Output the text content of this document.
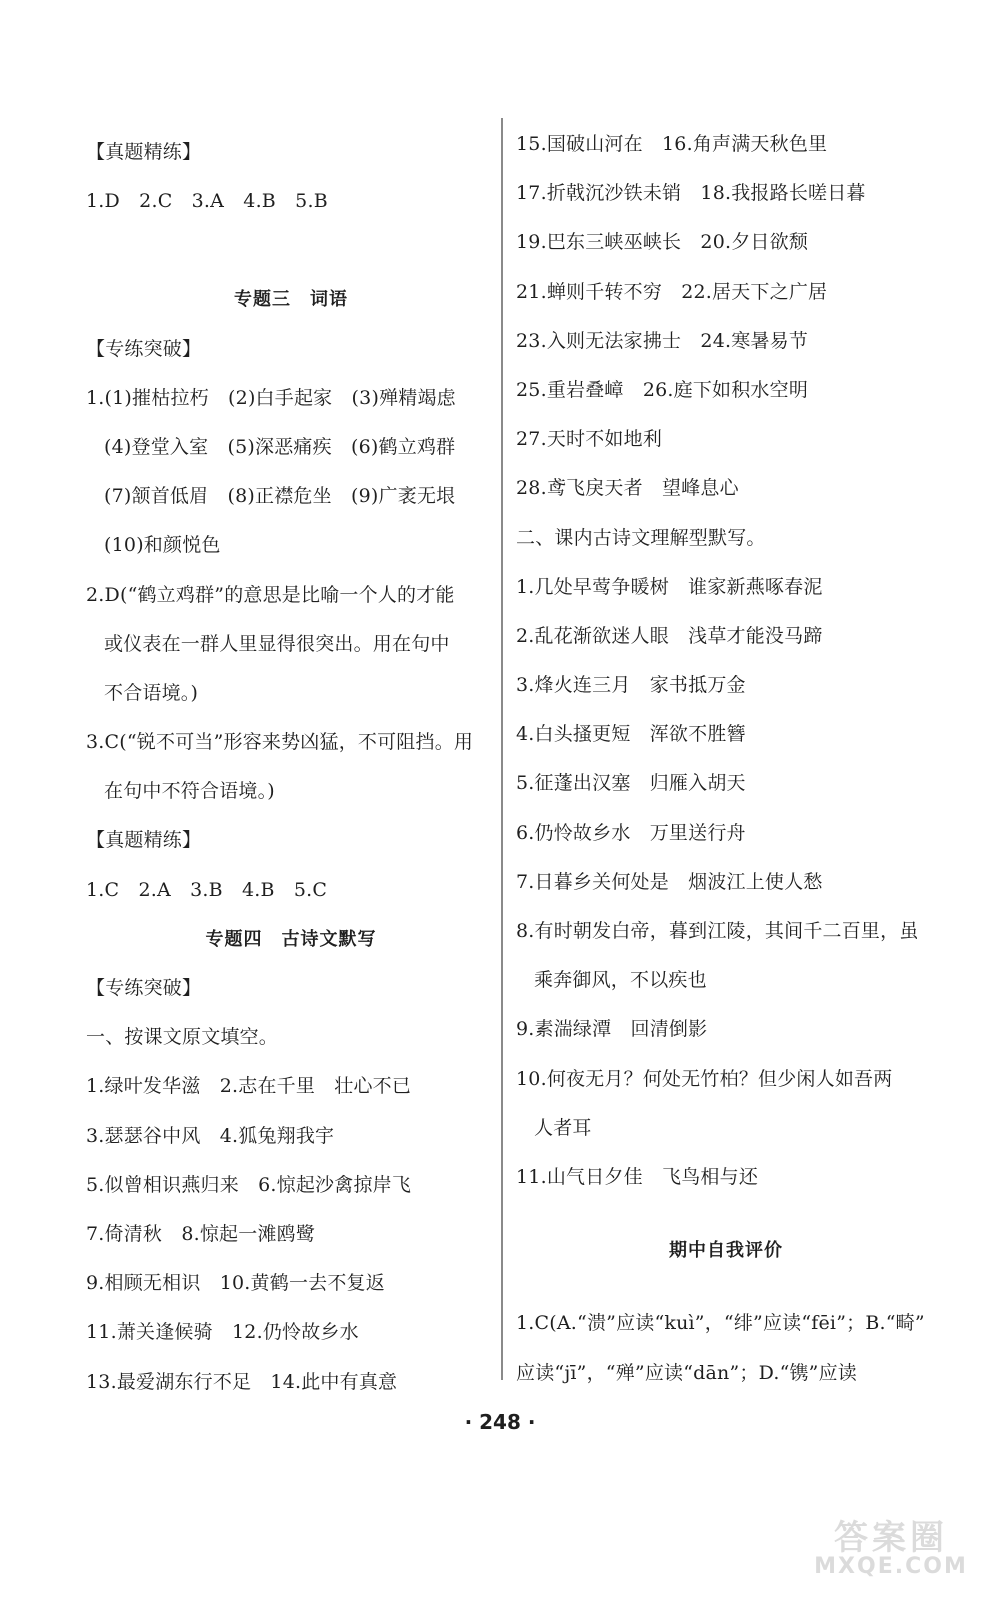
【真题精练】
1.D　2.C　3.A　4.B　5.B
专题三　词语
【专练突破】
1.(1)摧枯拉朽　(2)白手起家　(3)殚精竭虑
(4)登堂入室　(5)深恶痛疾　(6)鹤立鸡群
(7)颔首低眉　(8)正襟危坐　(9)广袤无垠
(10)和颜悦色
2.D(“鹤立鸡群”的意思是比喻一个人的才能
或仪表在一群人里显得很突出。用在句中
不合语境。)
3.C(“锐不可当”形容来势凶猛，不可阻挡。用
在句中不符合语境。)
【真题精练】
1.C　2.A　3.B　4.B　5.C
专题四　古诗文默写
【专练突破】
一、按课文原文填空。
1.绿叶发华滋　2.志在千里　壮心不已
3.瑟瑟谷中风　4.狐兔翔我宇
5.似曾相识燕归来　6.惊起沙禽掠岸飞
7.倚清秋　8.惊起一滩鸥鹭
9.相顾无相识　10.黄鹤一去不复返
11.萧关逢候骑　12.仍怜故乡水
13.最爱湖东行不足　14.此中有真意
15.国破山河在　16.角声满天秋色里
17.折戟沉沙铁未销　18.我报路长嗟日暮
19.巴东三峡巫峡长　20.夕日欲颓
21.蝉则千转不穷　22.居天下之广居
23.入则无法家拂士　24.寒暑易节
25.重岩叠嶂　26.庭下如积水空明
27.天时不如地利
28.鸢飞戾天者　望峰息心
二、课内古诗文理解型默写。
1.几处早莺争暖树　谁家新燕啄春泥
2.乱花渐欲迷人眼　浅草才能没马蹄
3.烽火连三月　家书抵万金
4.白头搔更短　浑欲不胜簪
5.征蓬出汉塞　归雁入胡天
6.仍怜故乡水　万里送行舟
7.日暮乡关何处是　烟波江上使人愁
8.有时朝发白帝，暮到江陵，其间千二百里，虽
乘奔御风，不以疾也
9.素湍绿潭　回清倒影
10.何夜无月？何处无竹柏？但少闲人如吾两
人者耳
11.山气日夕佳　飞鸟相与还
期中自我评价
1.C(A.“溃”应读“kuì”，“绯”应读“fēi”；B.“畸”
应读“jī”，“殚”应读“dān”；D.“镌”应读
· 248 ·
答案圈
MXQE.COM
